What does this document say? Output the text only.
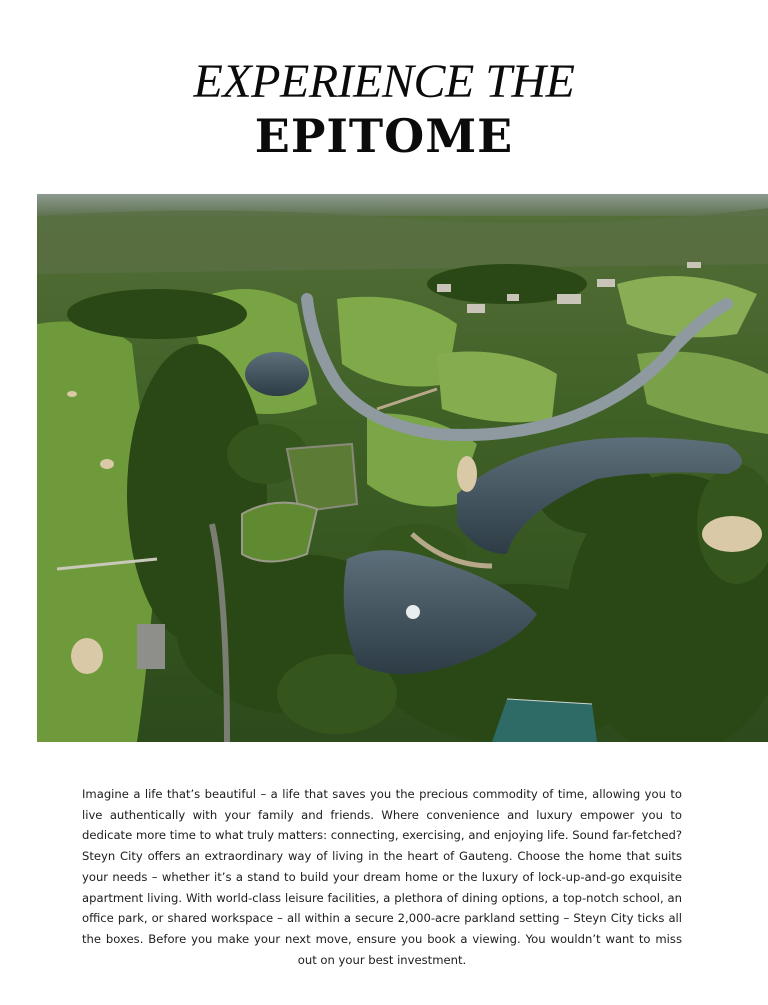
EXPERIENCE THE
EPITOME
Imagine a life that’s beautiful – a life that saves you the precious commodity of time, allowing you to live authentically with your family and friends. Where convenience and luxury empower you to dedicate more time to what truly matters: connecting, exercising, and enjoying life. Sound far-fetched? Steyn City offers an extraordinary way of living in the heart of Gauteng. Choose the home that suits your needs – whether it’s a stand to build your dream home or the luxury of lock-up-and-go exquisite apartment living. With world-class leisure facilities, a plethora of dining options, a top-notch school, an office park, or shared workspace – all within a secure 2,000-acre parkland setting – Steyn City ticks all the boxes. Before you make your next move, ensure you book a viewing. You wouldn’t want to miss out on your best investment.
